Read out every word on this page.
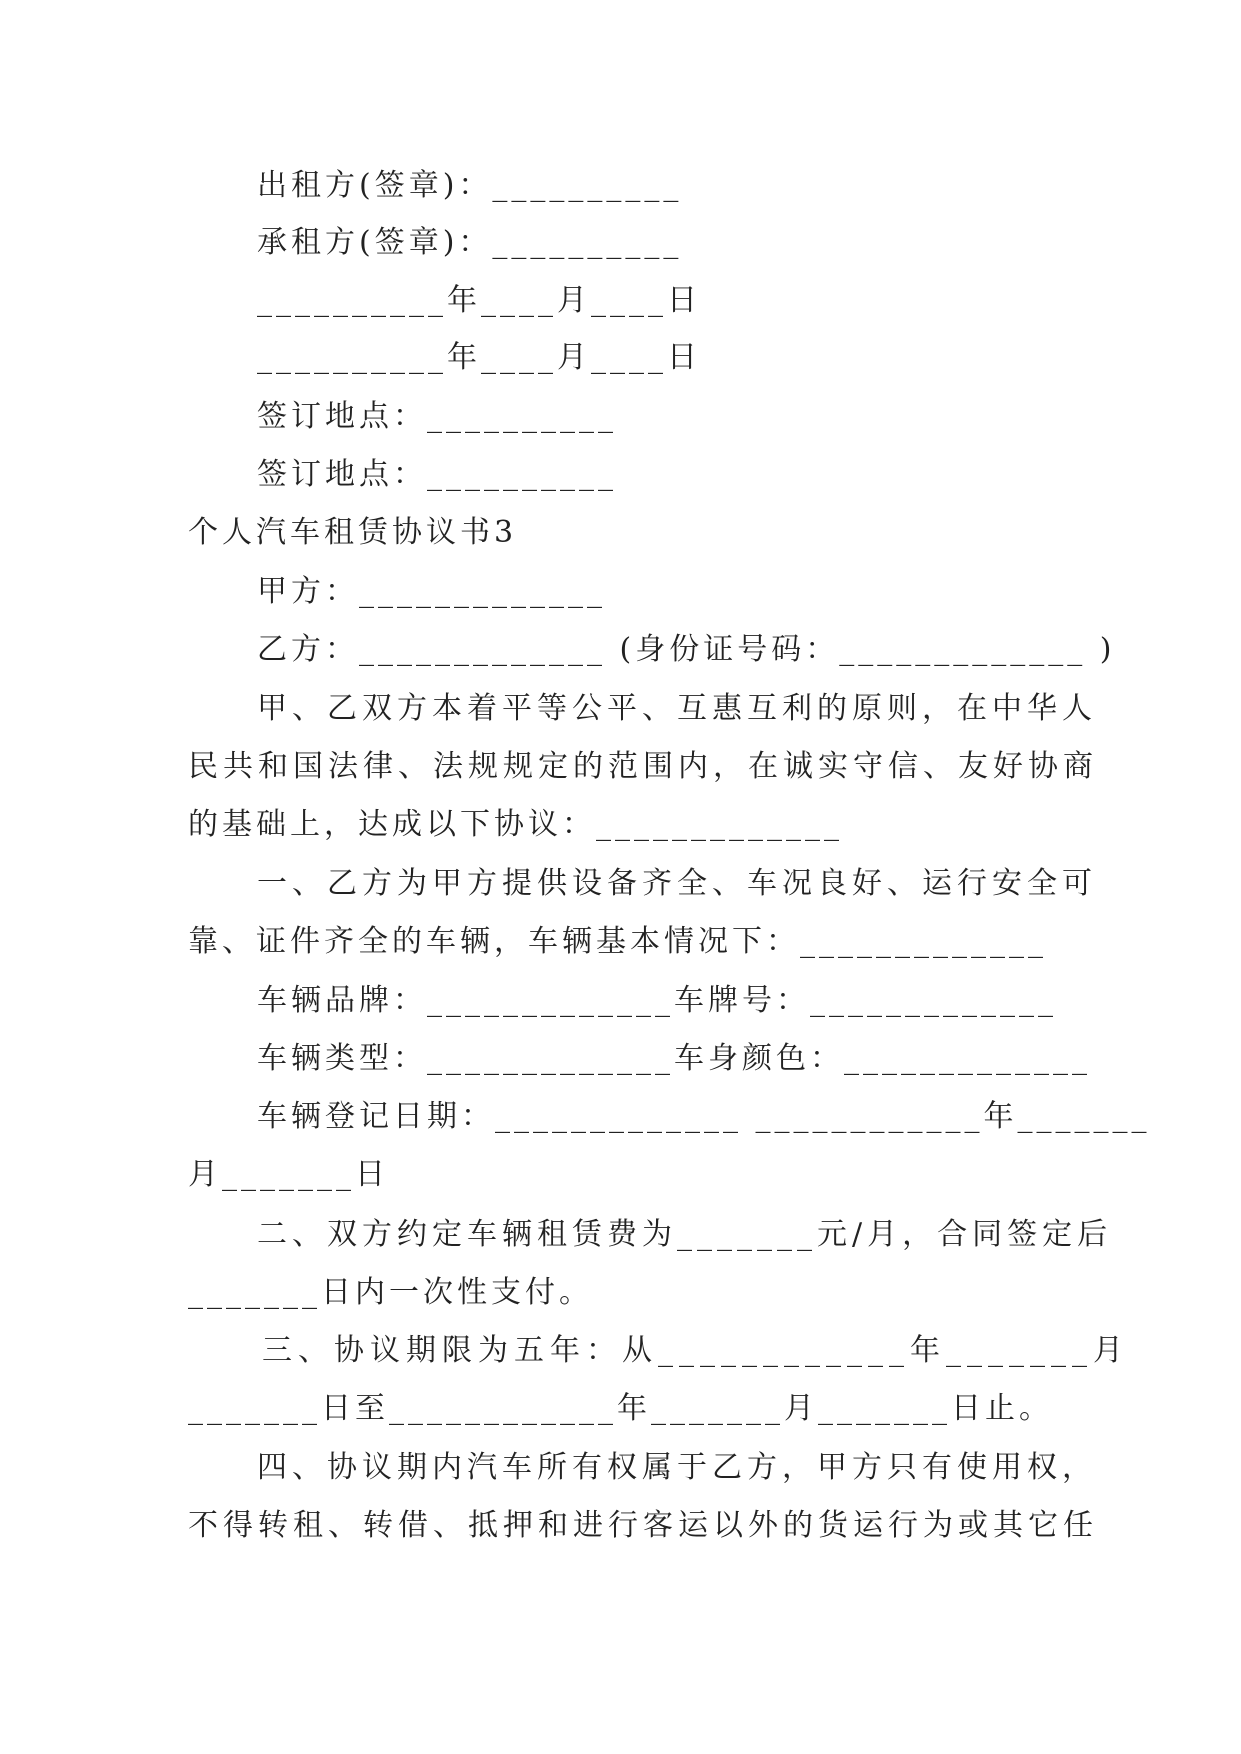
出租方(签章)：__________
承租方(签章)：__________
__________年____月____日
__________年____月____日
签订地点：__________
签订地点：__________
个人汽车租赁协议书3
甲方：_____________
乙方：_____________ (身份证号码：_____________ )
甲、乙双方本着平等公平、互惠互利的原则，在中华人
民共和国法律、法规规定的范围内，在诚实守信、友好协商
的基础上，达成以下协议：_____________
一、乙方为甲方提供设备齐全、车况良好、运行安全可
靠、证件齐全的车辆，车辆基本情况下：_____________
车辆品牌：_____________车牌号：_____________
车辆类型：_____________车身颜色：_____________
车辆登记日期：_____________ ____________年_______
月_______日
二、双方约定车辆租赁费为_______元/月，合同签定后
_______日内一次性支付。
三、协议期限为五年：从____________年_______月
_______日至____________年_______月_______日止。
四、协议期内汽车所有权属于乙方，甲方只有使用权，
不得转租、转借、抵押和进行客运以外的货运行为或其它任
